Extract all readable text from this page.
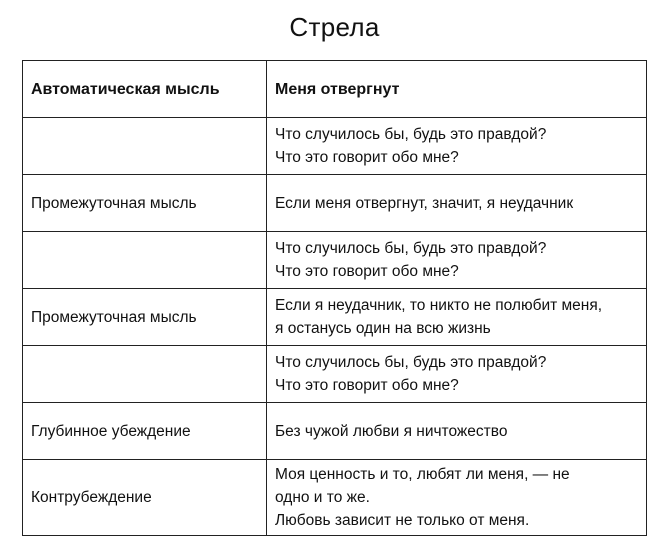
Стрела
Автоматическая мысль	Меня отвергнут

	Что случилось бы, будь это правдой?
Что это говорит обо мне?

Промежуточная мысль	Если меня отвергнут, значит, я неудачник

	Что случилось бы, будь это правдой?
Что это говорит обо мне?

Промежуточная мысль	Если я неудачник, то никто не полюбит меня,
я останусь один на всю жизнь

	Что случилось бы, будь это правдой?
Что это говорит обо мне?

Глубинное убеждение	Без чужой любви я ничтожество

Контрубеждение	Моя ценность и то, любят ли меня, — не
одно и то же.
Любовь зависит не только от меня.
